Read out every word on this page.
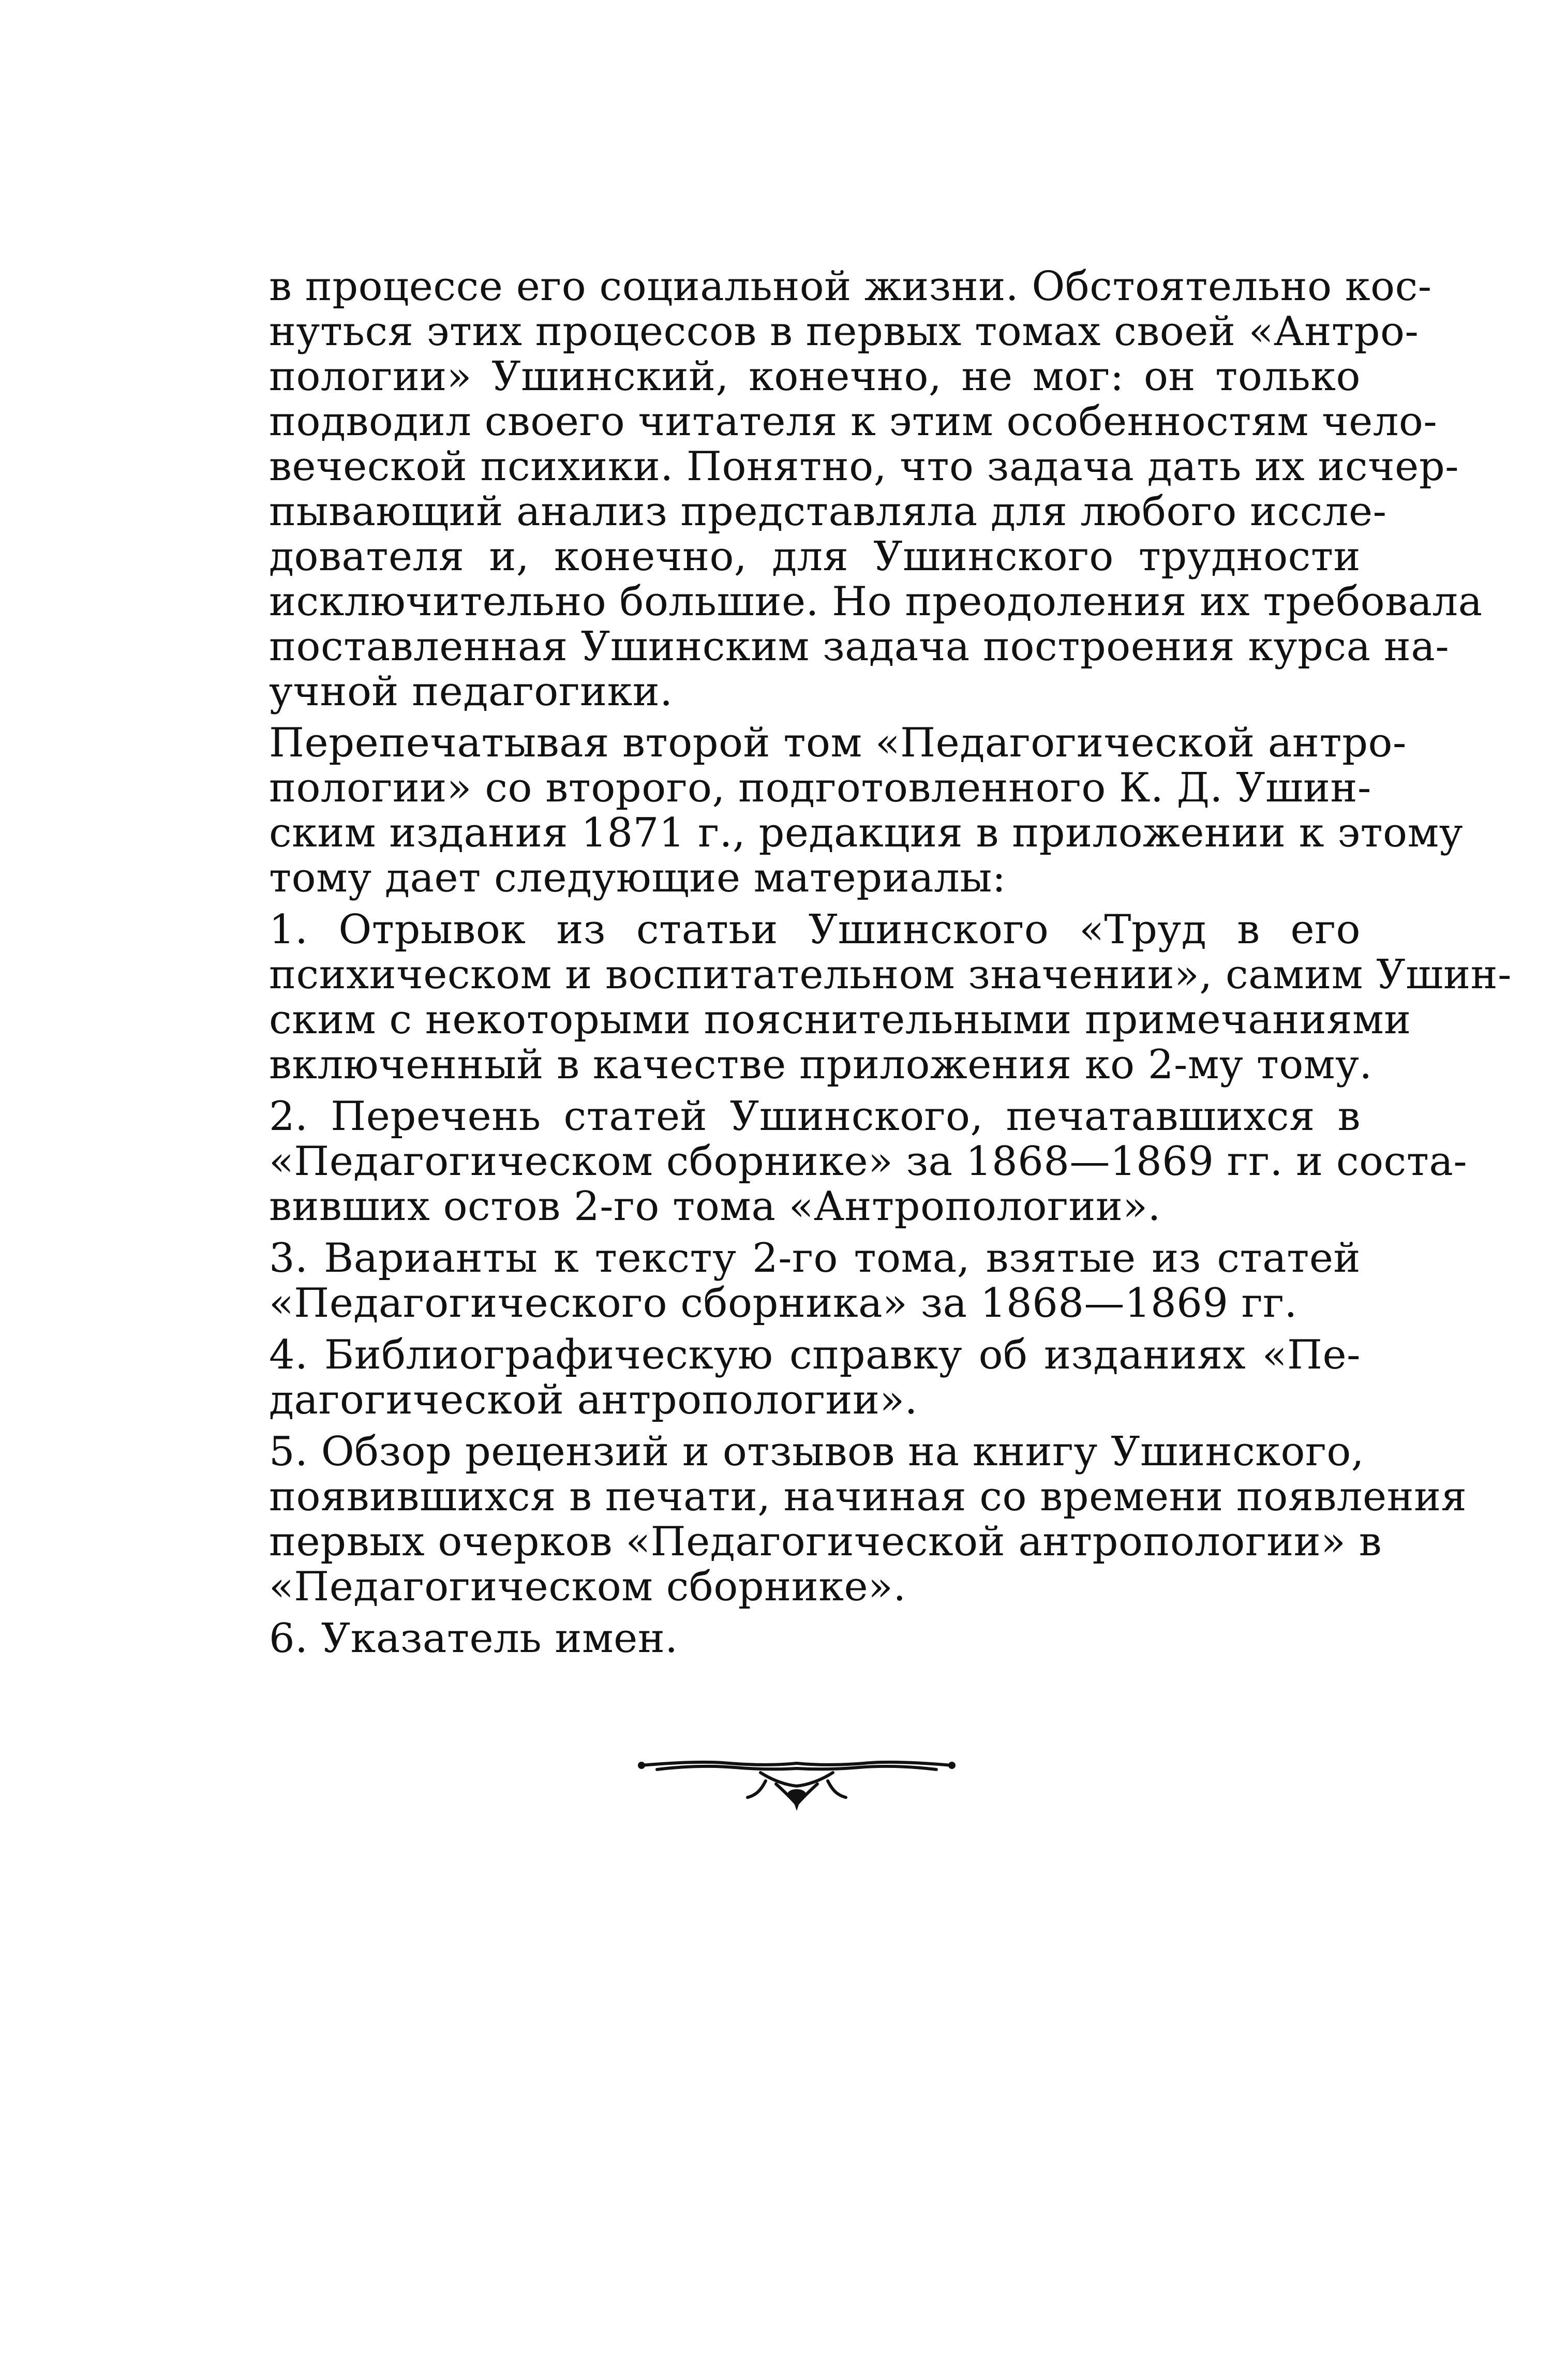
в процессе его социальной жизни. Обстоятельно кос-
нуться этих процессов в первых томах своей «Антро-
пологии» Ушинский, конечно, не мог: он только
подводил своего читателя к этим особенностям чело-
веческой психики. Понятно, что задача дать их исчер-
пывающий анализ представляла для любого иссле-
дователя и, конечно, для Ушинского трудности
исключительно большие. Но преодоления их требовала
поставленная Ушинским задача построения курса на-
учной педагогики.
Перепечатывая второй том «Педагогической антро-
пологии» со второго, подготовленного К. Д. Ушин-
ским издания 1871 г., редакция в приложении к этому
тому дает следующие материалы:
1. Отрывок из статьи Ушинского «Труд в его
психическом и воспитательном значении», самим Ушин-
ским с некоторыми пояснительными примечаниями
включенный в качестве приложения ко 2-му тому.
2. Перечень статей Ушинского, печатавшихся в
«Педагогическом сборнике» за 1868—1869 гг. и соста-
вивших остов 2-го тома «Антропологии».
3. Варианты к тексту 2-го тома, взятые из статей
«Педагогического сборника» за 1868—1869 гг.
4. Библиографическую справку об изданиях «Пе-
дагогической антропологии».
5. Обзор рецензий и отзывов на книгу Ушинского,
появившихся в печати, начиная со времени появления
первых очерков «Педагогической антропологии» в
«Педагогическом сборнике».
6. Указатель имен.
